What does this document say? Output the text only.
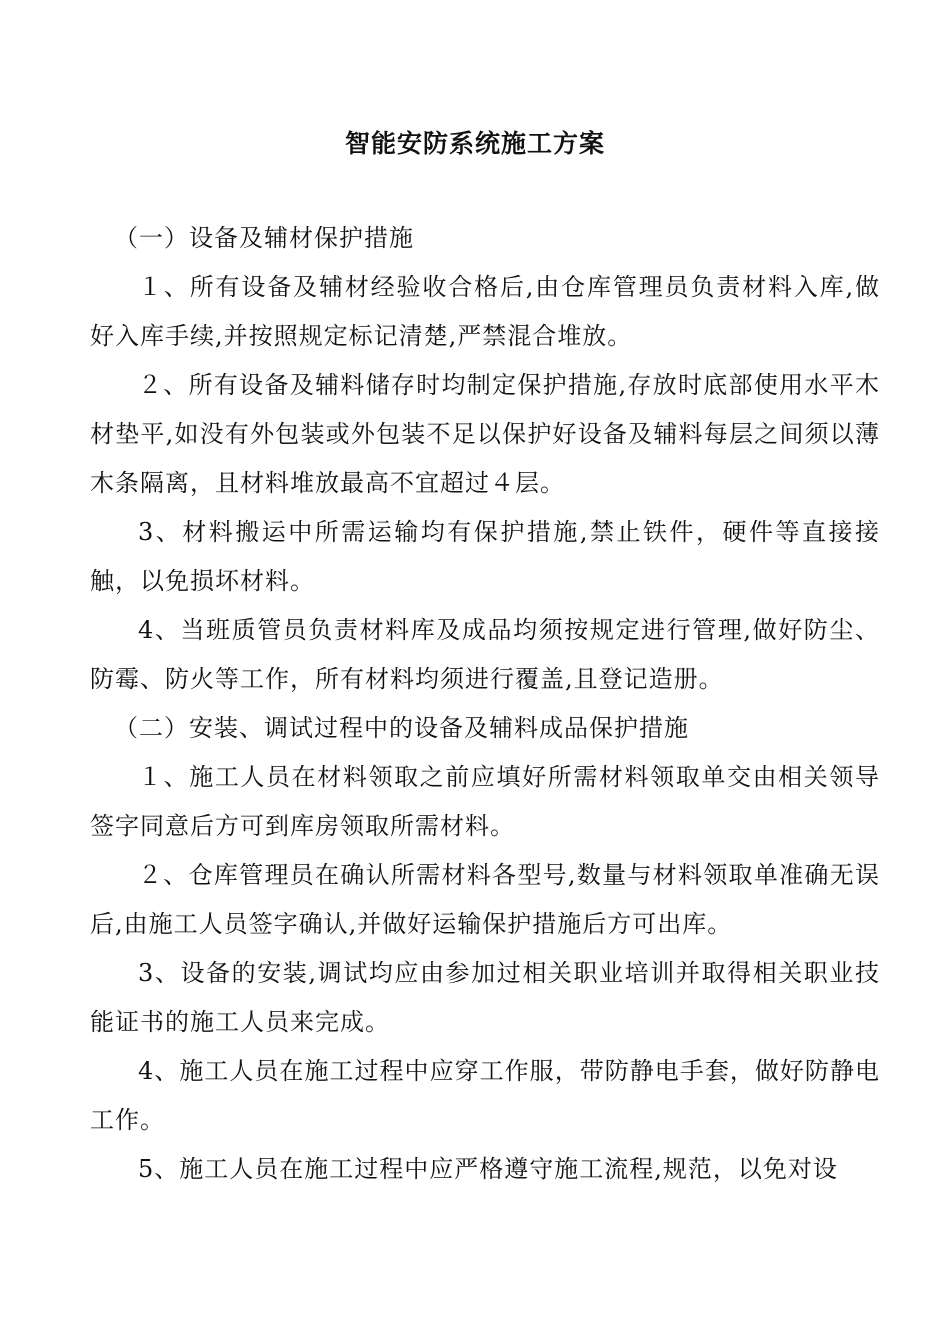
智能安防系统施工方案

（一）设备及辅材保护措施

１、所有设备及辅材经验收合格后,由仓库管理员负责材料入库,做好入库手续,并按照规定标记清楚,严禁混合堆放。

２、所有设备及辅料储存时均制定保护措施,存放时底部使用水平木材垫平,如没有外包装或外包装不足以保护好设备及辅料每层之间须以薄木条隔离，且材料堆放最高不宜超过４层。

3、材料搬运中所需运输均有保护措施,禁止铁件，硬件等直接接触，以免损坏材料。

4、当班质管员负责材料库及成品均须按规定进行管理,做好防尘、防霉、防火等工作，所有材料均须进行覆盖,且登记造册。

（二）安装、调试过程中的设备及辅料成品保护措施

１、施工人员在材料领取之前应填好所需材料领取单交由相关领导签字同意后方可到库房领取所需材料。

２、仓库管理员在确认所需材料各型号,数量与材料领取单准确无误后,由施工人员签字确认,并做好运输保护措施后方可出库。

3、设备的安装,调试均应由参加过相关职业培训并取得相关职业技能证书的施工人员来完成。

4、施工人员在施工过程中应穿工作服，带防静电手套，做好防静电工作。

5、施工人员在施工过程中应严格遵守施工流程,规范，以免对设
